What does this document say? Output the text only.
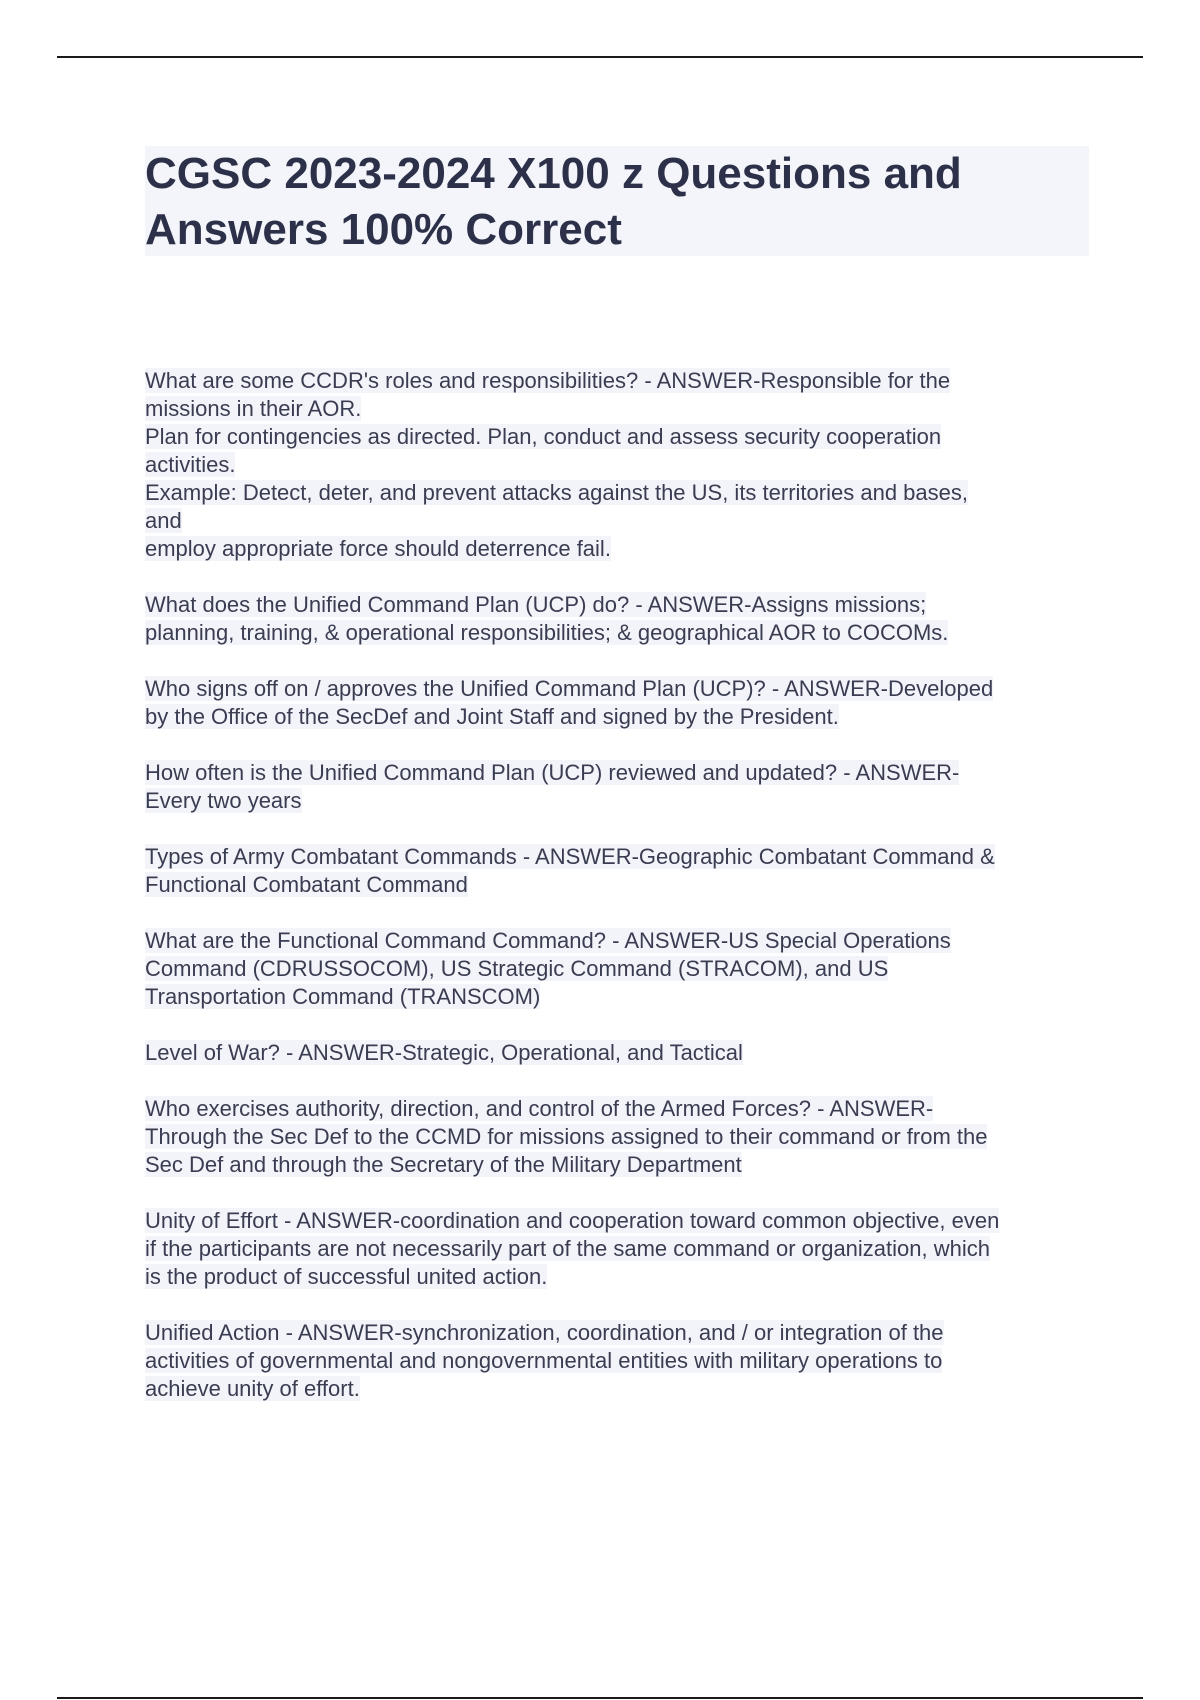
CGSC 2023-2024 X100 z Questions and
Answers 100% Correct
What are some CCDR's roles and responsibilities? - ANSWER-Responsible for the
missions in their AOR.
Plan for contingencies as directed. Plan, conduct and assess security cooperation
activities.
Example: Detect, deter, and prevent attacks against the US, its territories and bases,
and
employ appropriate force should deterrence fail.
What does the Unified Command Plan (UCP) do? - ANSWER-Assigns missions;
planning, training, & operational responsibilities; & geographical AOR to COCOMs.
Who signs off on / approves the Unified Command Plan (UCP)? - ANSWER-Developed
by the Office of the SecDef and Joint Staff and signed by the President.
How often is the Unified Command Plan (UCP) reviewed and updated? - ANSWER-
Every two years
Types of Army Combatant Commands - ANSWER-Geographic Combatant Command &
Functional Combatant Command
What are the Functional Command Command? - ANSWER-US Special Operations
Command (CDRUSSOCOM), US Strategic Command (STRACOM), and US
Transportation Command (TRANSCOM)
Level of War? - ANSWER-Strategic, Operational, and Tactical
Who exercises authority, direction, and control of the Armed Forces? - ANSWER-
Through the Sec Def to the CCMD for missions assigned to their command or from the
Sec Def and through the Secretary of the Military Department
Unity of Effort - ANSWER-coordination and cooperation toward common objective, even
if the participants are not necessarily part of the same command or organization, which
is the product of successful united action.
Unified Action - ANSWER-synchronization, coordination, and / or integration of the
activities of governmental and nongovernmental entities with military operations to
achieve unity of effort.
